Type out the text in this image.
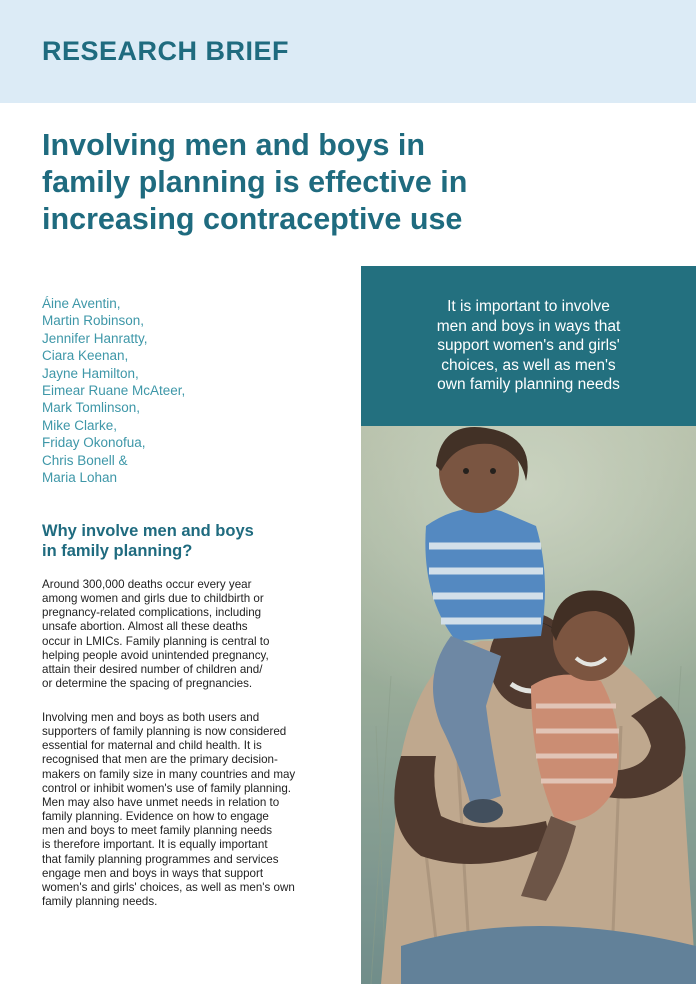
RESEARCH BRIEF
Involving men and boys in
family planning is effective in
increasing contraceptive use
Áine Aventin,
Martin Robinson,
Jennifer Hanratty,
Ciara Keenan,
Jayne Hamilton,
Eimear Ruane McAteer,
Mark Tomlinson,
Mike Clarke,
Friday Okonofua,
Chris Bonell &
Maria Lohan
Why involve men and boys
in family planning?

Around 300,000 deaths occur every year
among women and girls due to childbirth or
pregnancy-related complications, including
unsafe abortion. Almost all these deaths
occur in LMICs. Family planning is central to
helping people avoid unintended pregnancy,
attain their desired number of children and/
or determine the spacing of pregnancies.

Involving men and boys as both users and
supporters of family planning is now considered
essential for maternal and child health. It is
recognised that men are the primary decision-
makers on family size in many countries and may
control or inhibit women's use of family planning.
Men may also have unmet needs in relation to
family planning. Evidence on how to engage
men and boys to meet family planning needs
is therefore important. It is equally important
that family planning programmes and services
engage men and boys in ways that support
women's and girls' choices, as well as men's own
family planning needs.

It is important to involve
men and boys in ways that
support women's and girls'
choices, as well as men's
own family planning needs
